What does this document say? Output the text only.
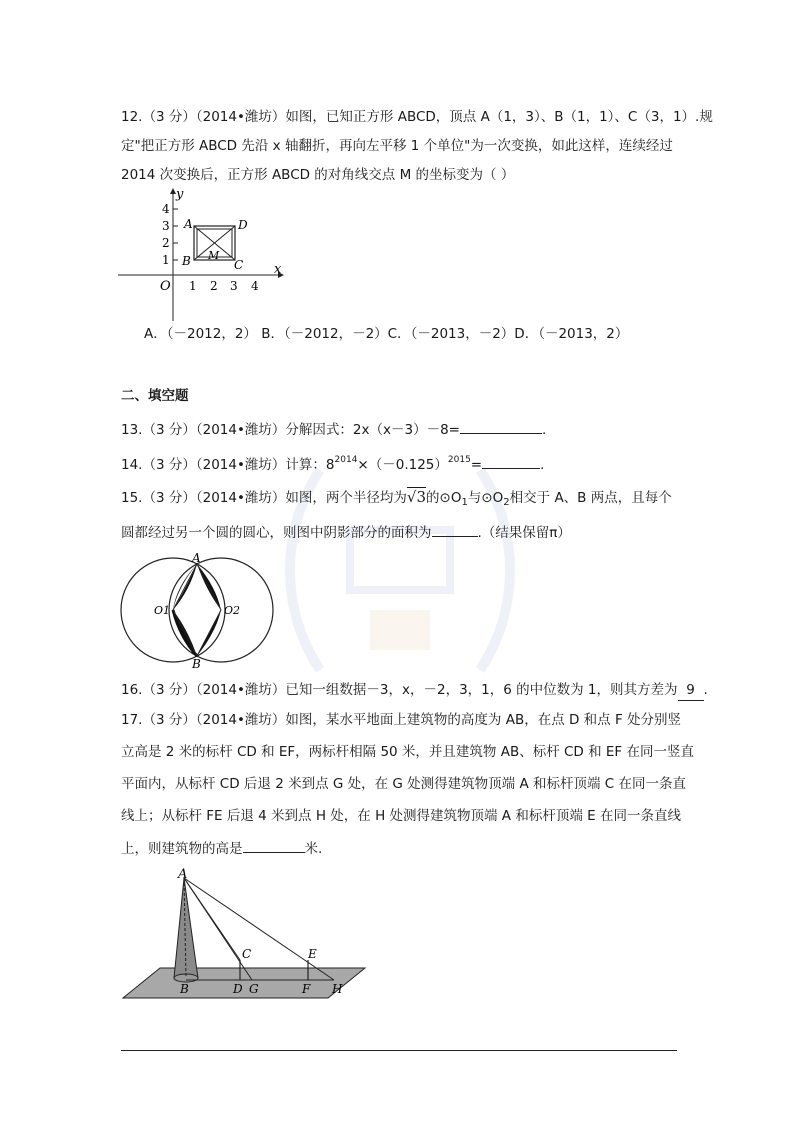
12.（3 分）（2014•潍坊）如图，已知正方形 ABCD，顶点 A（1，3）、B（1，1）、C（3，1）.规
定"把正方形 ABCD 先沿 x 轴翻折，再向左平移 1 个单位"为一次变换，如此这样，连续经过
2014 次变换后，正方形 ABCD 的对角线交点 M 的坐标变为（ ）
y
x
O
1
2
3
4
1 2 3 4
A	D
M
B	C
A．（－2012，2） B．（－2012，－2）C．（－2013，－2）D．（－2013，2）
二、填空题
13.（3 分）（2014•潍坊）分解因式：2x（x－3）－8=	.
14.（3 分）（2014•潍坊）计算：$8^{2014}\times(-0.125)^{2015}=$	.
15.（3 分）（2014•潍坊）如图，两个半径均为√3的$⊙O_1$与$⊙O_2$相交于 A、B 两点，且每个
圆都经过另一个圆的圆心，则图中阴影部分的面积为	.（结果保留π）
A
B
O1	O2
16.（3 分）（2014•潍坊）已知一组数据－3，x，－2，3，1，6 的中位数为 1，则其方差为 9 .
17.（3 分）（2014•潍坊）如图，某水平地面上建筑物的高度为 AB，在点 D 和点 F 处分别竖
立高是 2 米的标杆 CD 和 EF，两标杆相隔 50 米，并且建筑物 AB、标杆 CD 和 EF 在同一竖直
平面内，从标杆 CD 后退 2 米到点 G 处，在 G 处测得建筑物顶端 A 和标杆顶端 C 在同一条直
线上；从标杆 FE 后退 4 米到点 H 处，在 H 处测得建筑物顶端 A 和标杆顶端 E 在同一条直线
上，则建筑物的高是	米.
A
C	E
B	D G	F H
